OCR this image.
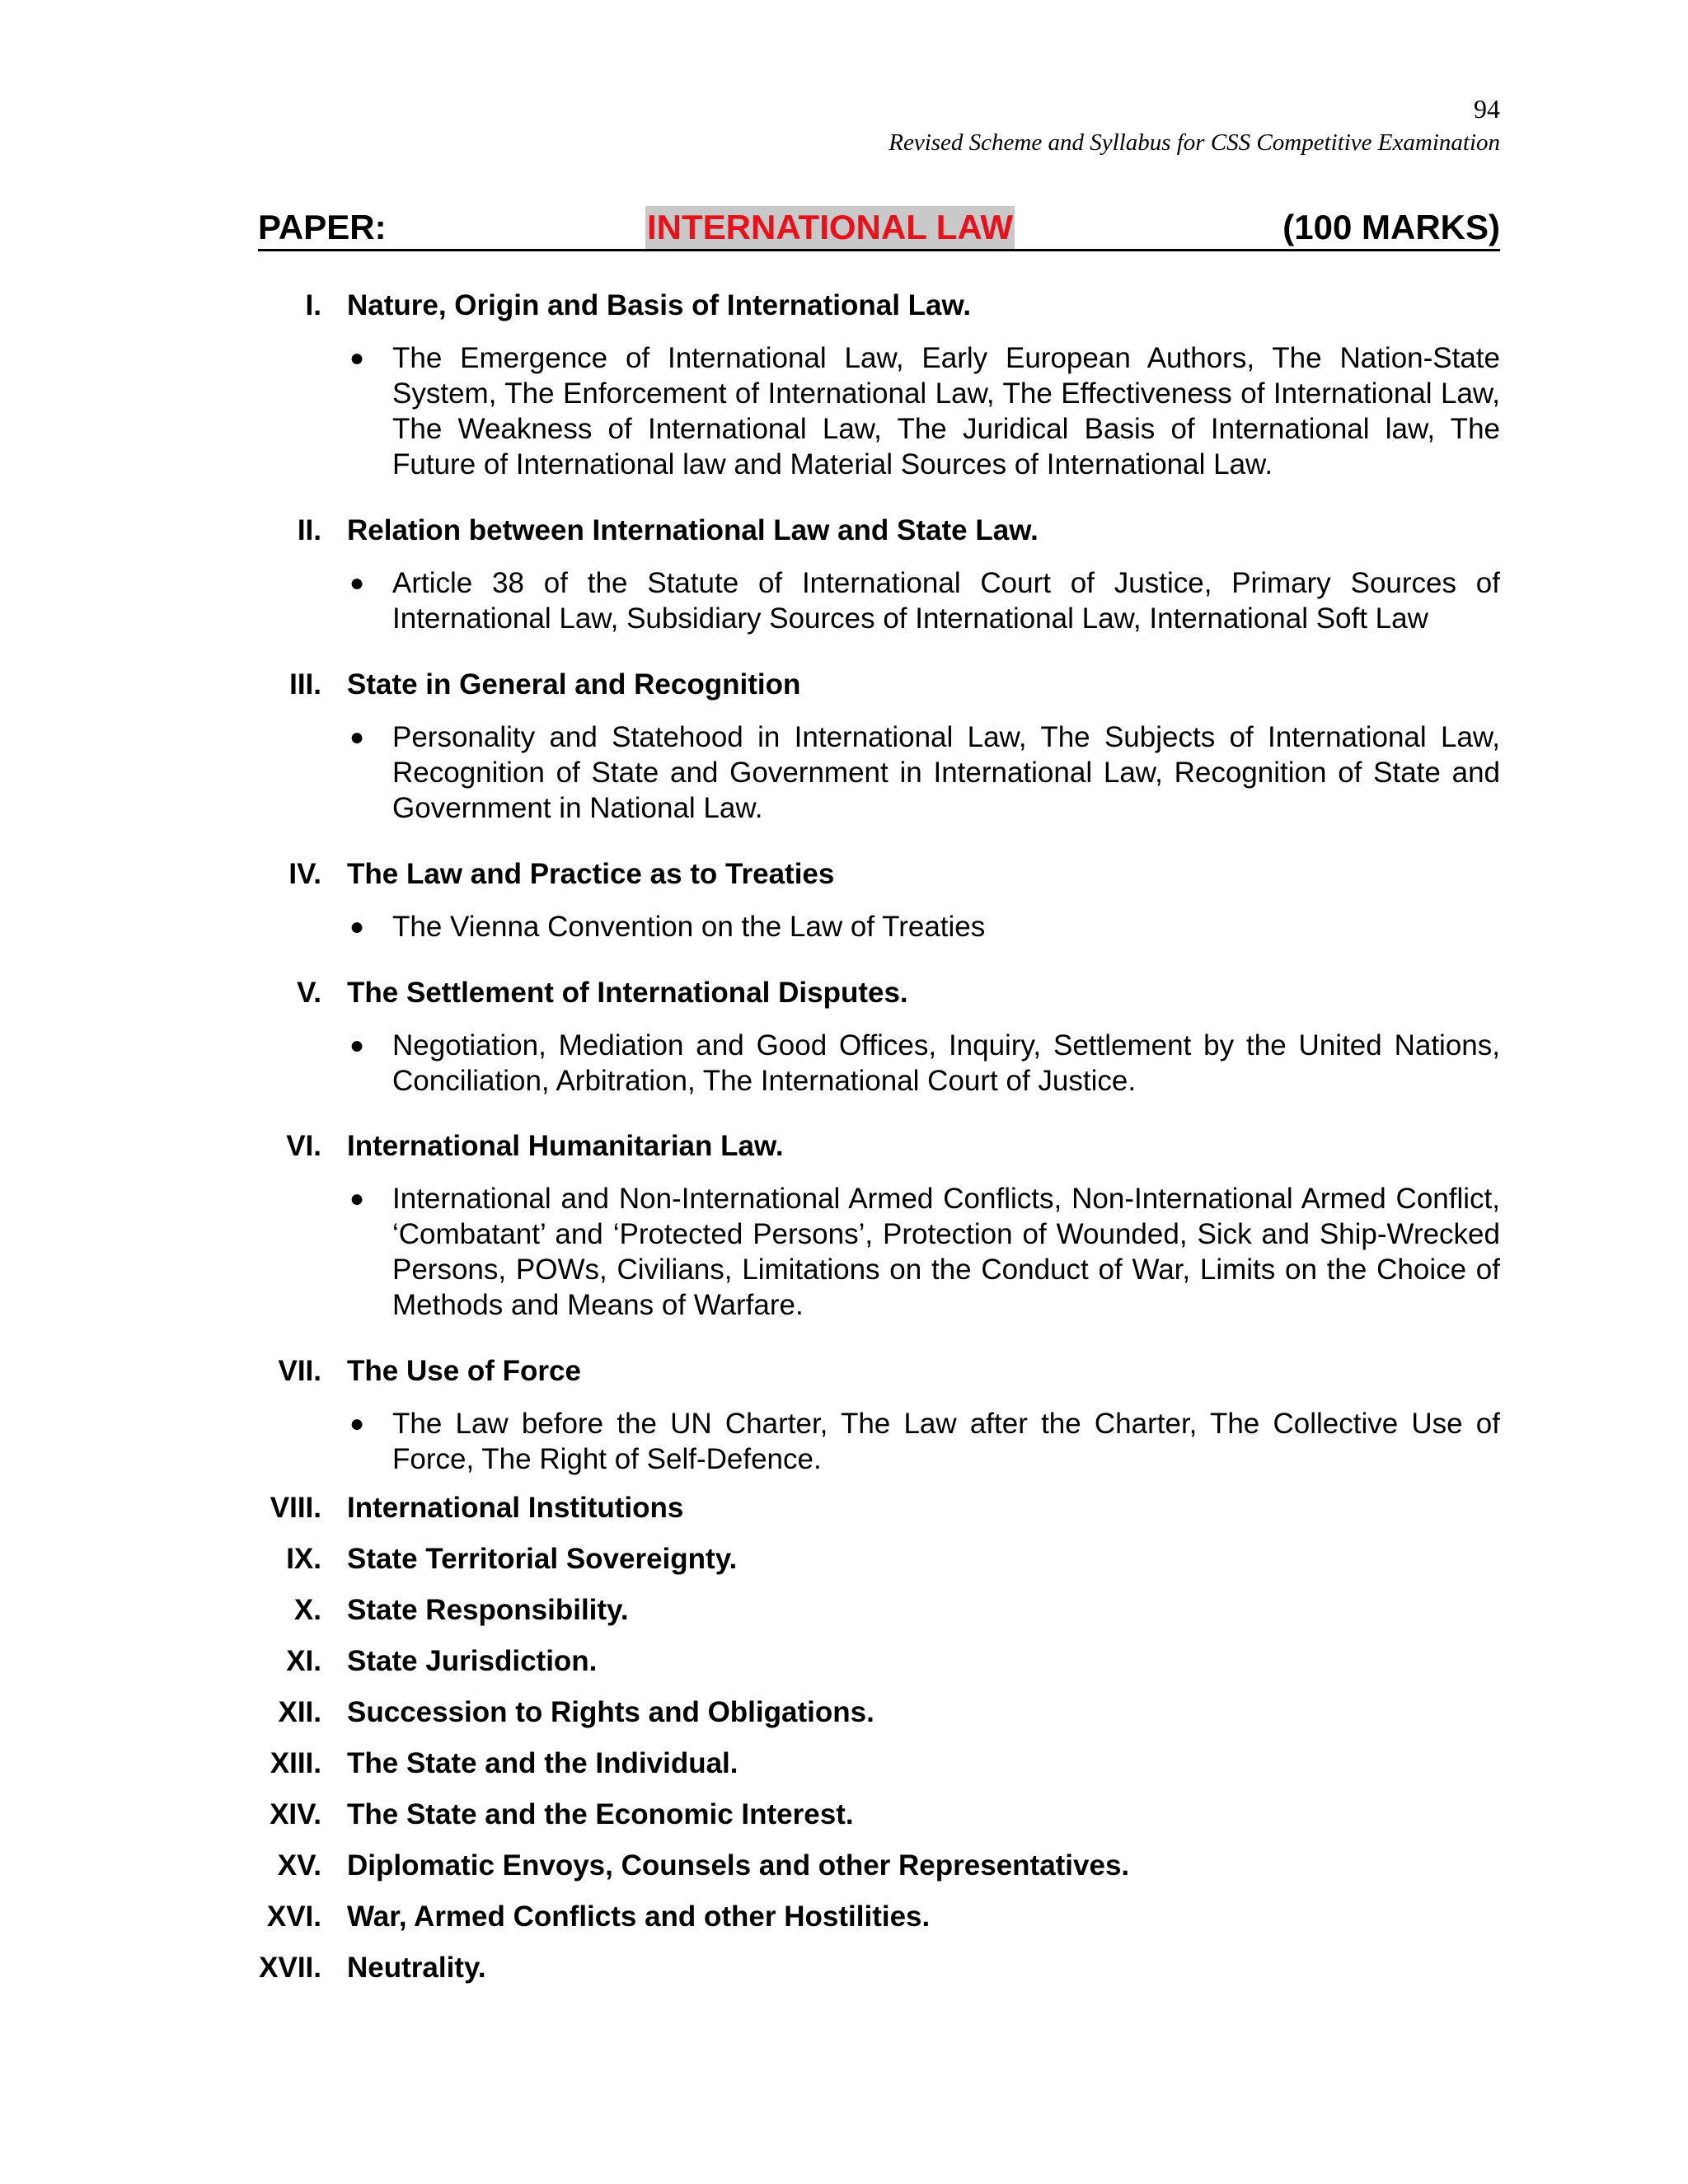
94
Revised Scheme and Syllabus for CSS Competitive Examination
PAPER:	INTERNATIONAL LAW	(100 MARKS)
I. Nature, Origin and Basis of International Law.
● The Emergence of International Law, Early European Authors, The Nation-State System, The Enforcement of International Law, The Effectiveness of International Law, The Weakness of International Law, The Juridical Basis of International law, The Future of International law and Material Sources of International Law.
II. Relation between International Law and State Law.
● Article 38 of the Statute of International Court of Justice, Primary Sources of International Law, Subsidiary Sources of International Law, International Soft Law
III. State in General and Recognition
● Personality and Statehood in International Law, The Subjects of International Law, Recognition of State and Government in International Law, Recognition of State and Government in National Law.
IV. The Law and Practice as to Treaties
● The Vienna Convention on the Law of Treaties
V. The Settlement of International Disputes.
● Negotiation, Mediation and Good Offices, Inquiry, Settlement by the United Nations, Conciliation, Arbitration, The International Court of Justice.
VI. International Humanitarian Law.
● International and Non-International Armed Conflicts, Non-International Armed Conflict, ‘Combatant’ and ‘Protected Persons’, Protection of Wounded, Sick and Ship-Wrecked Persons, POWs, Civilians, Limitations on the Conduct of War, Limits on the Choice of Methods and Means of Warfare.
VII. The Use of Force
● The Law before the UN Charter, The Law after the Charter, The Collective Use of Force, The Right of Self-Defence.
VIII. International Institutions
IX. State Territorial Sovereignty.
X. State Responsibility.
XI. State Jurisdiction.
XII. Succession to Rights and Obligations.
XIII. The State and the Individual.
XIV. The State and the Economic Interest.
XV. Diplomatic Envoys, Counsels and other Representatives.
XVI. War, Armed Conflicts and other Hostilities.
XVII. Neutrality.
